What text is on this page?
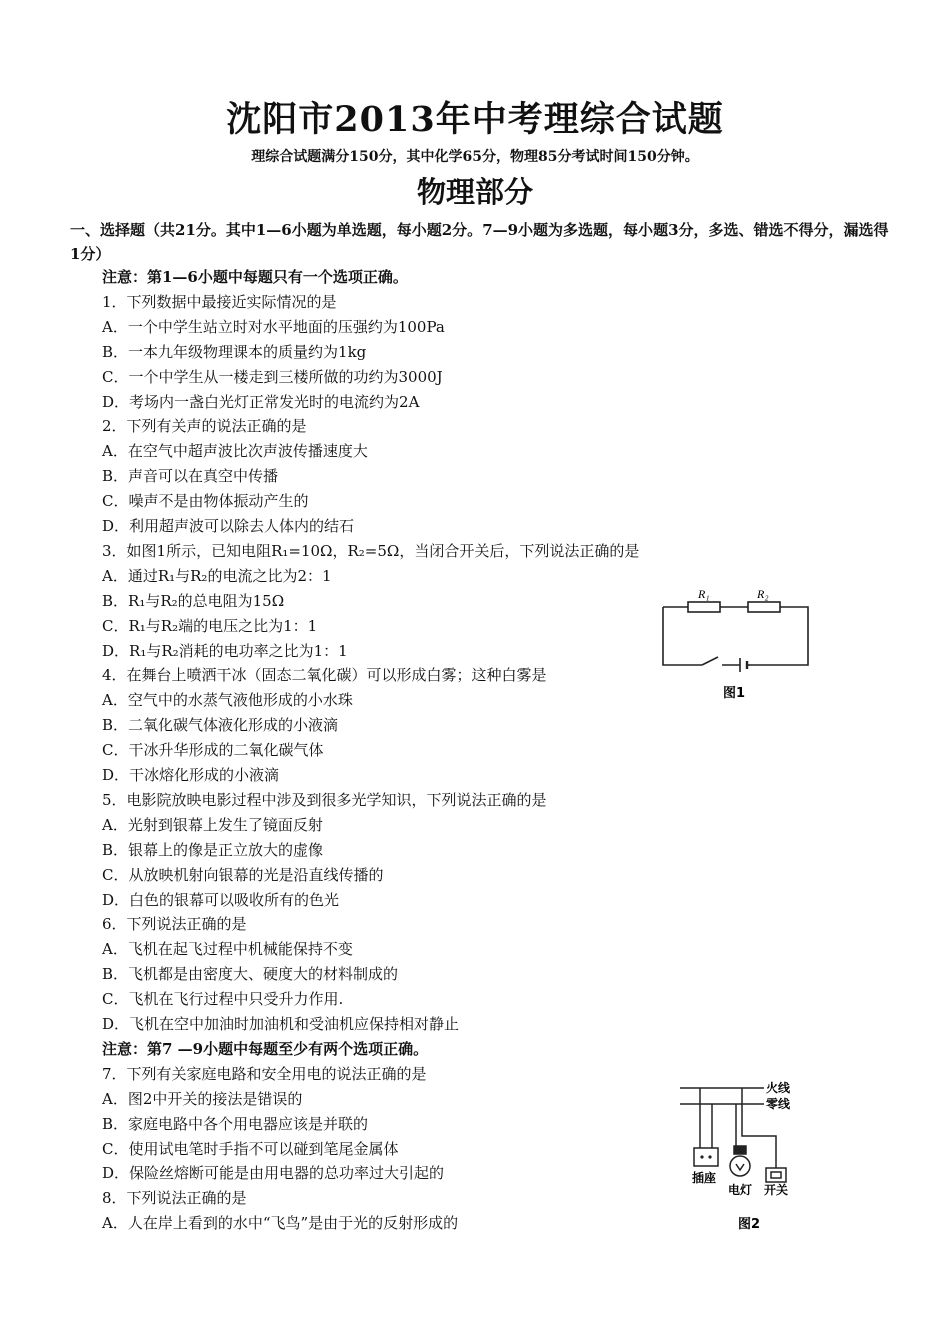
沈阳市2013年中考理综合试题
理综合试题满分150分，其中化学65分，物理85分考试时间150分钟。
物理部分
一、选择题（共21分。其中1—6小题为单选题，每小题2分。7—9小题为多选题，每小题3分，多选、错选不得分，漏选得1分）
注意：第1—6小题中每题只有一个选项正确。
1．下列数据中最接近实际情况的是
A．一个中学生站立时对水平地面的压强约为100Pa
B．一本九年级物理课本的质量约为1kg
C．一个中学生从一楼走到三楼所做的功约为3000J
D．考场内一盏白光灯正常发光时的电流约为2A
2．下列有关声的说法正确的是
A．在空气中超声波比次声波传播速度大
B．声音可以在真空中传播
C．噪声不是由物体振动产生的
D．利用超声波可以除去人体内的结石
3．如图1所示，已知电阻R₁=10Ω，R₂=5Ω，当闭合开关后，下列说法正确的是
A．通过R₁与R₂的电流之比为2：1
B．R₁与R₂的总电阻为15Ω
C．R₁与R₂端的电压之比为1：1
D．R₁与R₂消耗的电功率之比为1：1
4．在舞台上喷洒干冰（固态二氧化碳）可以形成白雾；这种白雾是
A．空气中的水蒸气液他形成的小水珠
B．二氧化碳气体液化形成的小液滴
C．干冰升华形成的二氧化碳气体
D．干冰熔化形成的小液滴
5．电影院放映电影过程中涉及到很多光学知识，下列说法正确的是
A．光射到银幕上发生了镜面反射
B．银幕上的像是正立放大的虚像
C．从放映机射向银幕的光是沿直线传播的
D．白色的银幕可以吸收所有的色光
6．下列说法正确的是
A．飞机在起飞过程中机械能保持不变
B．飞机都是由密度大、硬度大的材料制成的
C．飞机在飞行过程中只受升力作用.
D．飞机在空中加油时加油机和受油机应保持相对静止
注意：第7 —9小题中每题至少有两个选项正确。
7．下列有关家庭电路和安全用电的说法正确的是
A．图2中开关的接法是错误的
B．家庭电路中各个用电器应该是并联的
C．使用试电笔时手指不可以碰到笔尾金属体
D．保险丝熔断可能是由用电器的总功率过大引起的
8．下列说法正确的是
A．人在岸上看到的水中“飞鸟”是由于光的反射形成的
R₁	R₂
图1
火线
零线
插座
电灯 开关
图2
